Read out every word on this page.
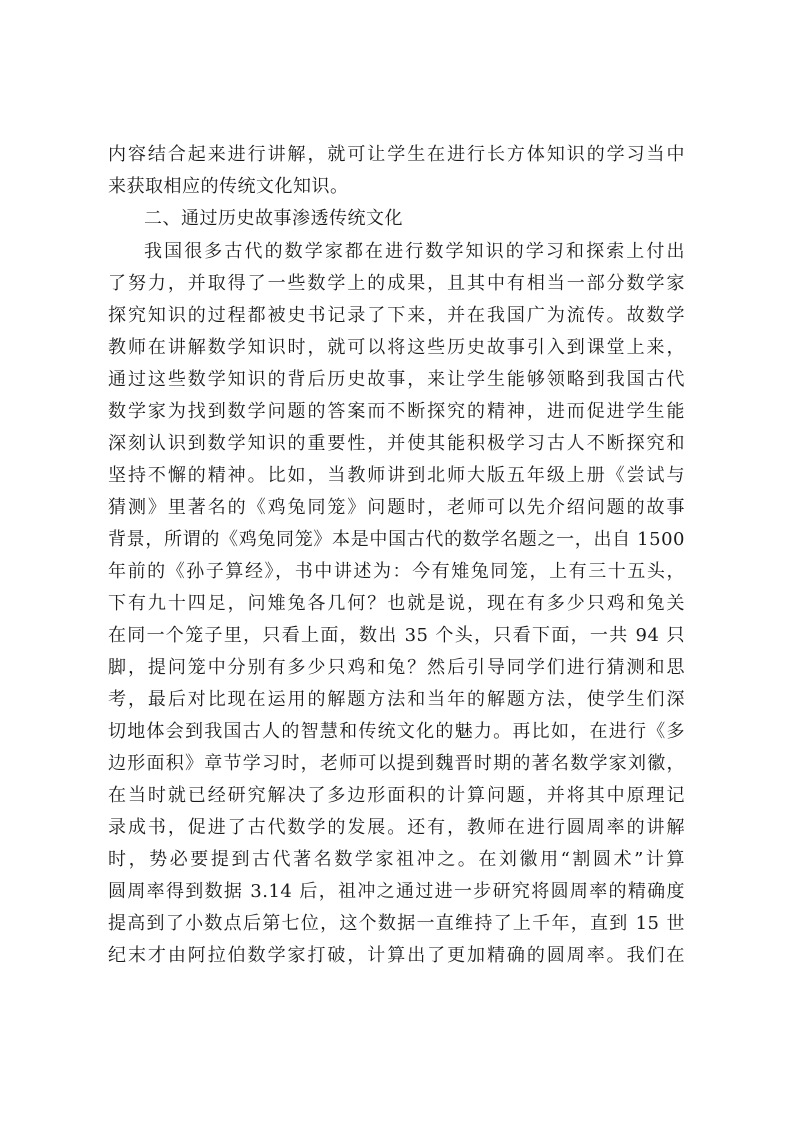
内容结合起来进行讲解，就可让学生在进行长方体知识的学习当中
来获取相应的传统文化知识。
二、通过历史故事渗透传统文化
我国很多古代的数学家都在进行数学知识的学习和探索上付出
了努力，并取得了一些数学上的成果，且其中有相当一部分数学家
探究知识的过程都被史书记录了下来，并在我国广为流传。故数学
教师在讲解数学知识时，就可以将这些历史故事引入到课堂上来，
通过这些数学知识的背后历史故事，来让学生能够领略到我国古代
数学家为找到数学问题的答案而不断探究的精神，进而促进学生能
深刻认识到数学知识的重要性，并使其能积极学习古人不断探究和
坚持不懈的精神。比如，当教师讲到北师大版五年级上册《尝试与
猜测》里著名的《鸡兔同笼》问题时，老师可以先介绍问题的故事
背景，所谓的《鸡兔同笼》本是中国古代的数学名题之一，出自 1500
年前的《孙子算经》，书中讲述为：今有雉兔同笼，上有三十五头，
下有九十四足，问雉兔各几何？也就是说，现在有多少只鸡和兔关
在同一个笼子里，只看上面，数出 35 个头，只看下面，一共 94 只
脚，提问笼中分别有多少只鸡和兔？然后引导同学们进行猜测和思
考，最后对比现在运用的解题方法和当年的解题方法，使学生们深
切地体会到我国古人的智慧和传统文化的魅力。再比如，在进行《多
边形面积》章节学习时，老师可以提到魏晋时期的著名数学家刘徽，
在当时就已经研究解决了多边形面积的计算问题，并将其中原理记
录成书，促进了古代数学的发展。还有，教师在进行圆周率的讲解
时，势必要提到古代著名数学家祖冲之。在刘徽用“割圆术”计算
圆周率得到数据 3.14 后，祖冲之通过进一步研究将圆周率的精确度
提高到了小数点后第七位，这个数据一直维持了上千年，直到 15 世
纪末才由阿拉伯数学家打破，计算出了更加精确的圆周率。我们在
